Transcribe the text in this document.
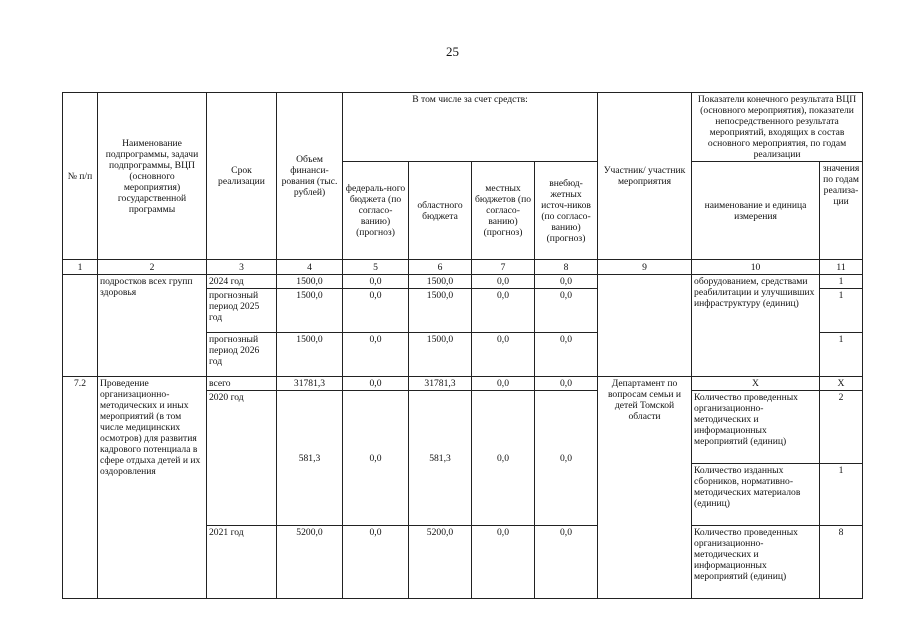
25
№ п/п	Наименование подпрограммы, задачи подпрограммы, ВЦП (основного мероприятия) государственной программы	Срок реализации	Объем финанси-рования (тыс. рублей)	В том числе за счет средств:				Участник/ участник мероприятия	Показатели конечного результата ВЦП (основного мероприятия), показатели непосредственного результата мероприятий, входящих в состав основного мероприятия, по годам реализации	
				федераль-ного бюджета (по согласо-ванию) (прогноз)	областного бюджета	местных бюджетов (по согласо-ванию) (прогноз)	внебюд-жетных источ-ников (по согласо-ванию) (прогноз)		наименование и единица измерения	значения по годам реализа-ции
1	2	3	4	5	6	7	8	9	10	11
	подростков всех групп здоровья	2024 год	1500,0	0,0	1500,0	0,0	0,0		оборудованием, средствами реабилитации и улучшивших инфраструктуру (единиц)	1
		прогнозный период 2025 год	1500,0	0,0	1500,0	0,0	0,0			1
		прогнозный период 2026 год	1500,0	0,0	1500,0	0,0	0,0			1
7.2	Проведение организационно-методических и иных мероприятий (в том числе медицинских осмотров) для развития кадрового потенциала в сфере отдыха детей и их оздоровления	всего	31781,3	0,0	31781,3	0,0	0,0	Департамент по вопросам семьи и детей Томской области	Х	Х
		2020 год	581,3	0,0	581,3	0,0	0,0		Количество проведенных организационно-методических и информационных мероприятий (единиц)	2
									Количество изданных сборников, нормативно-методических материалов (единиц)	1
		2021 год	5200,0	0,0	5200,0	0,0	0,0		Количество проведенных организационно-методических и информационных мероприятий (единиц)	8
